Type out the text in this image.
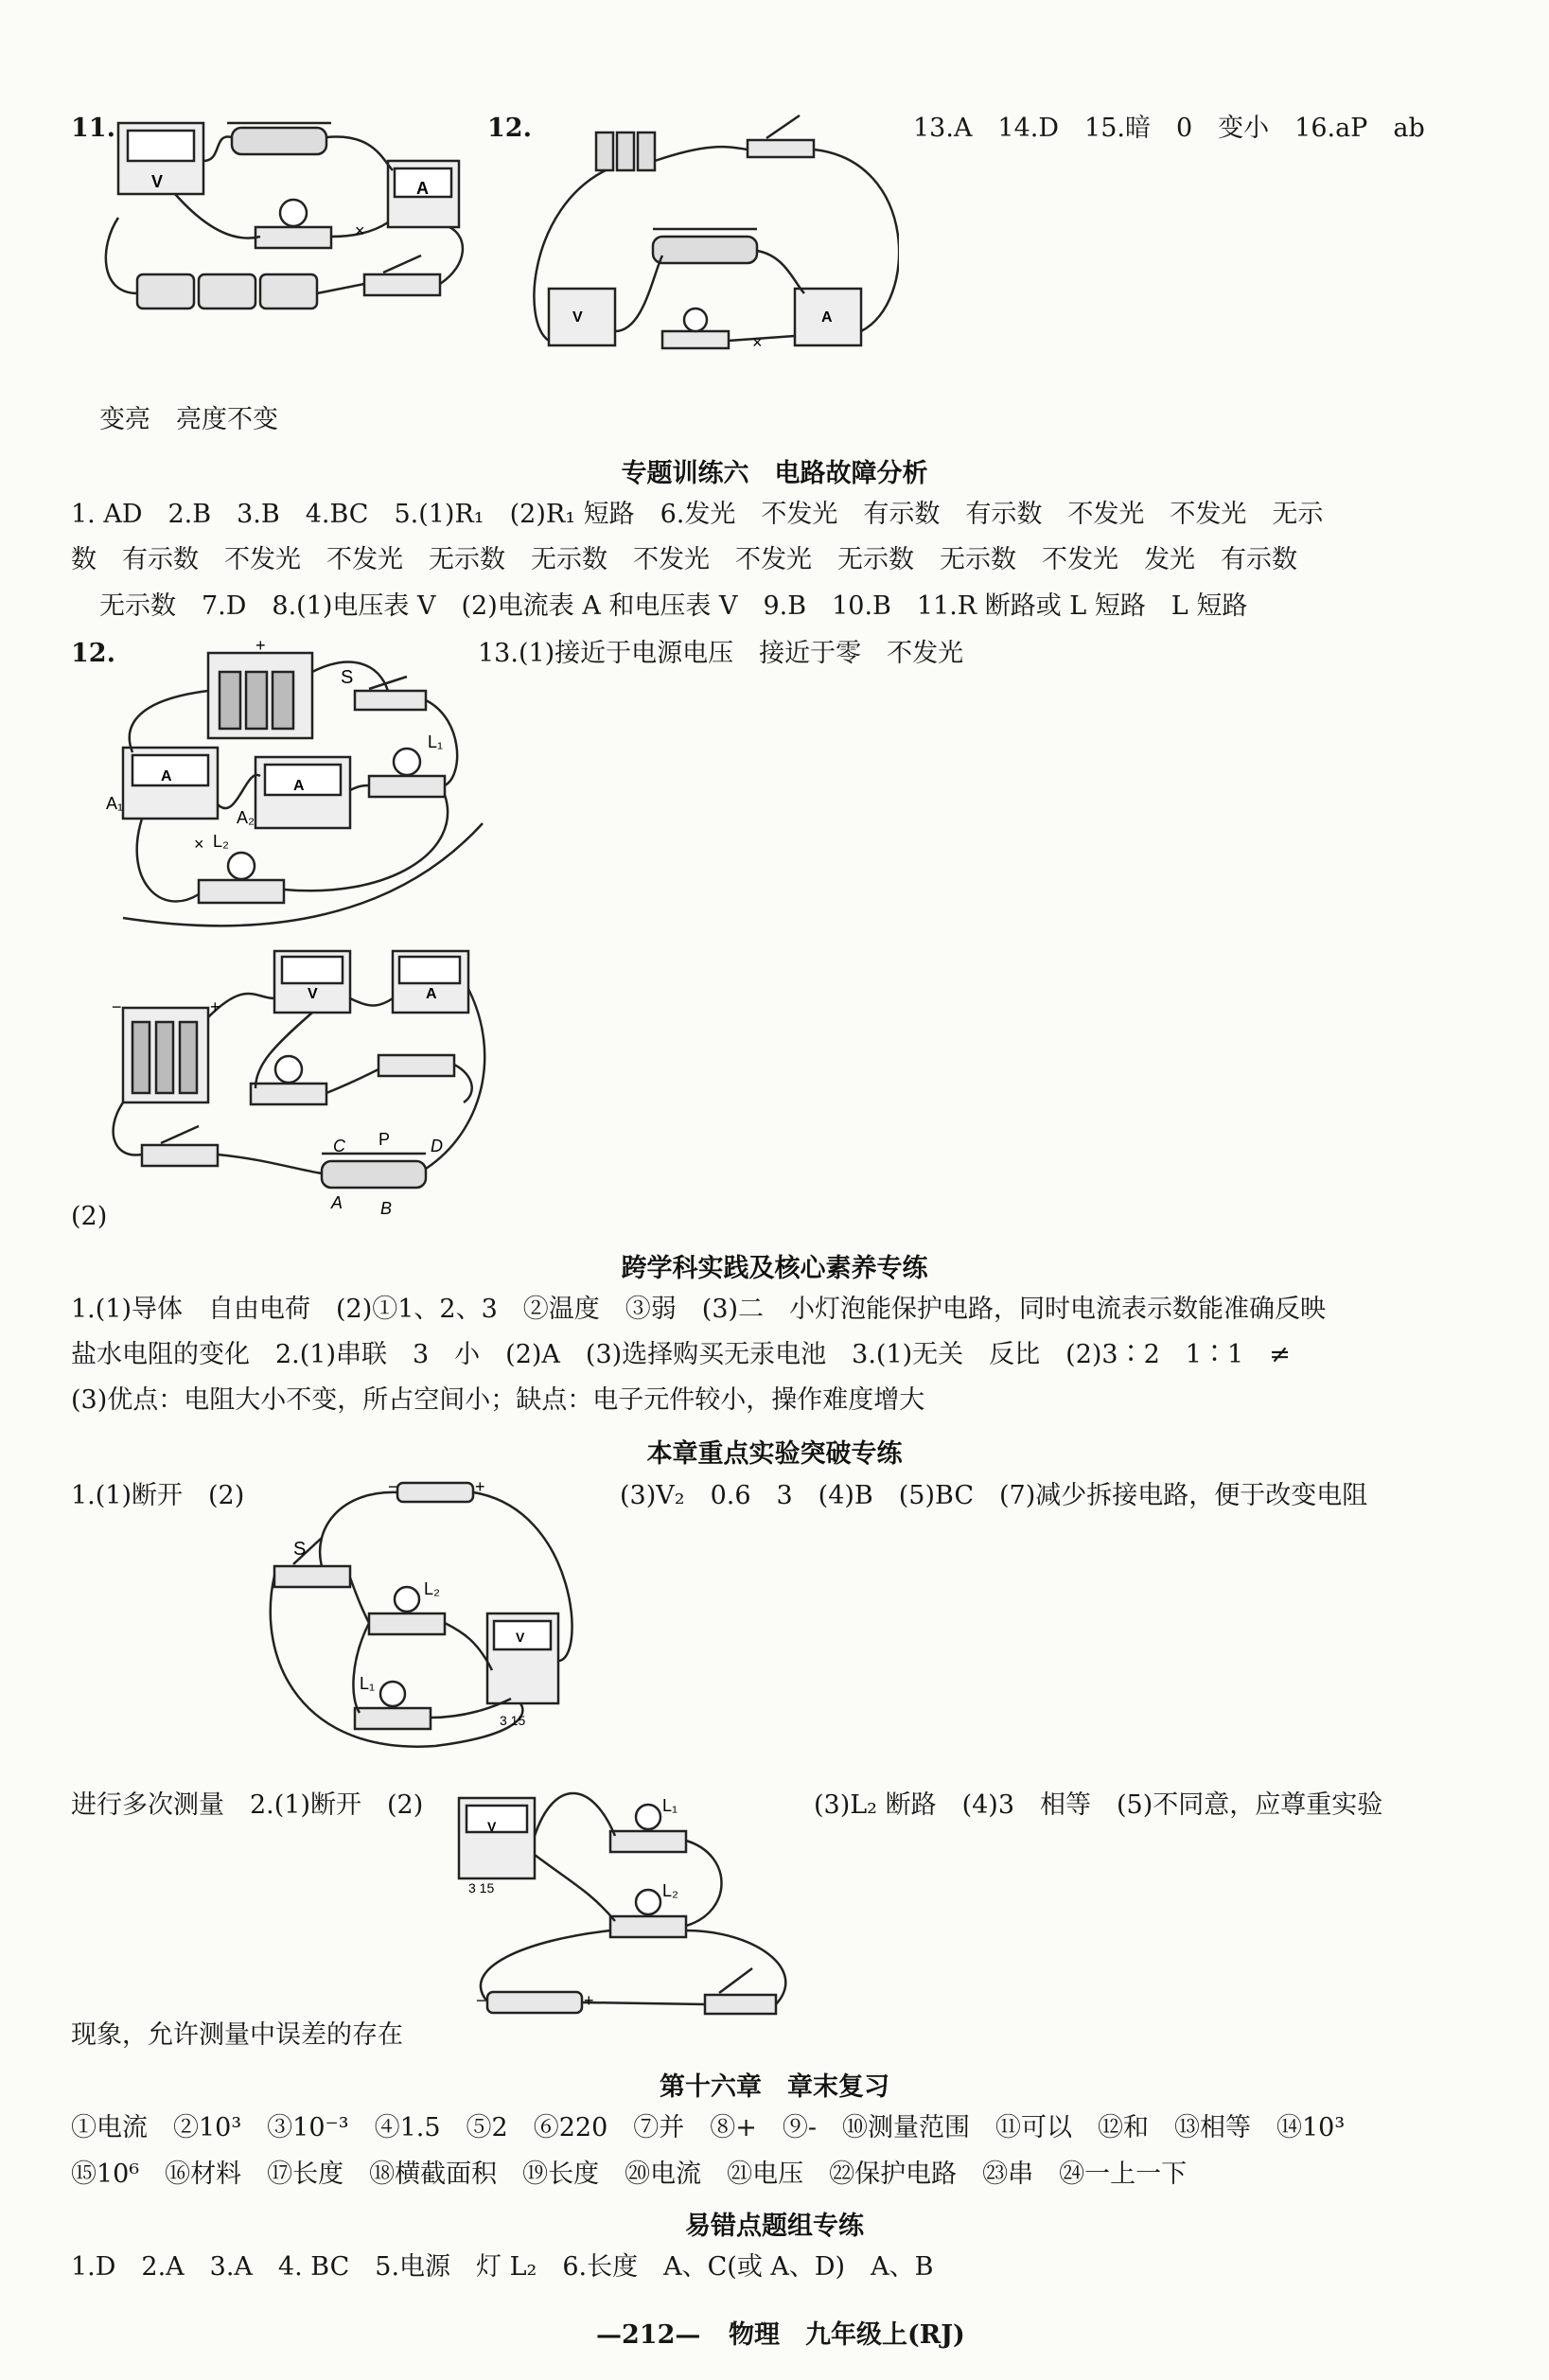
11.
V	A
×
12.
V	A
×
13.A　14.D　15.暗　0　变小　16.aP　ab
变亮　亮度不变
专题训练六　电路故障分析
1. AD　2.B　3.B　4.BC　5.(1)R₁　(2)R₁ 短路　6.发光　不发光　有示数　有示数　不发光　不发光　无示
数　有示数　不发光　不发光　无示数　无示数　不发光　不发光　无示数　无示数　不发光　发光　有示数
无示数　7.D　8.(1)电压表 V　(2)电流表 A 和电压表 V　9.B　10.B　11.R 断路或 L 短路　L 短路
12.	13.(1)接近于电源电压　接近于零　不发光
+
S
L₁
A₁
A₂
L₂
A
A
×
−	+
V	A
C P D
A B
(2)
跨学科实践及核心素养专练
1.(1)导体　自由电荷　(2)①1、2、3　②温度　③弱　(3)二　小灯泡能保护电路，同时电流表示数能准确反映
盐水电阻的变化　2.(1)串联　3　小　(2)A　(3)选择购买无汞电池　3.(1)无关　反比　(2)3∶2　1∶1　≠
(3)优点：电阻大小不变，所占空间小；缺点：电子元件较小，操作难度增大
本章重点实验突破专练
1.(1)断开　(2)	(3)V₂　0.6　3　(4)B　(5)BC　(7)减少拆接电路，便于改变电阻
−	+
S
L₂
L₁
V
3 15
进行多次测量　2.(1)断开　(2)	(3)L₂ 断路　(4)3　相等　(5)不同意，应尊重实验
V
3 15
L₁
L₂
−	+
现象，允许测量中误差的存在
第十六章　章末复习
①电流　②10³　③10⁻³　④1.5　⑤2　⑥220　⑦并　⑧+　⑨-　⑩测量范围　⑪可以　⑫和　⑬相等　⑭10³
⑮10⁶　⑯材料　⑰长度　⑱横截面积　⑲长度　⑳电流　㉑电压　㉒保护电路　㉓串　㉔一上一下
易错点题组专练
1.D　2.A　3.A　4. BC　5.电源　灯 L₂　6.长度　A、C(或 A、D)　A、B
—212— 物理　九年级上(RJ)
